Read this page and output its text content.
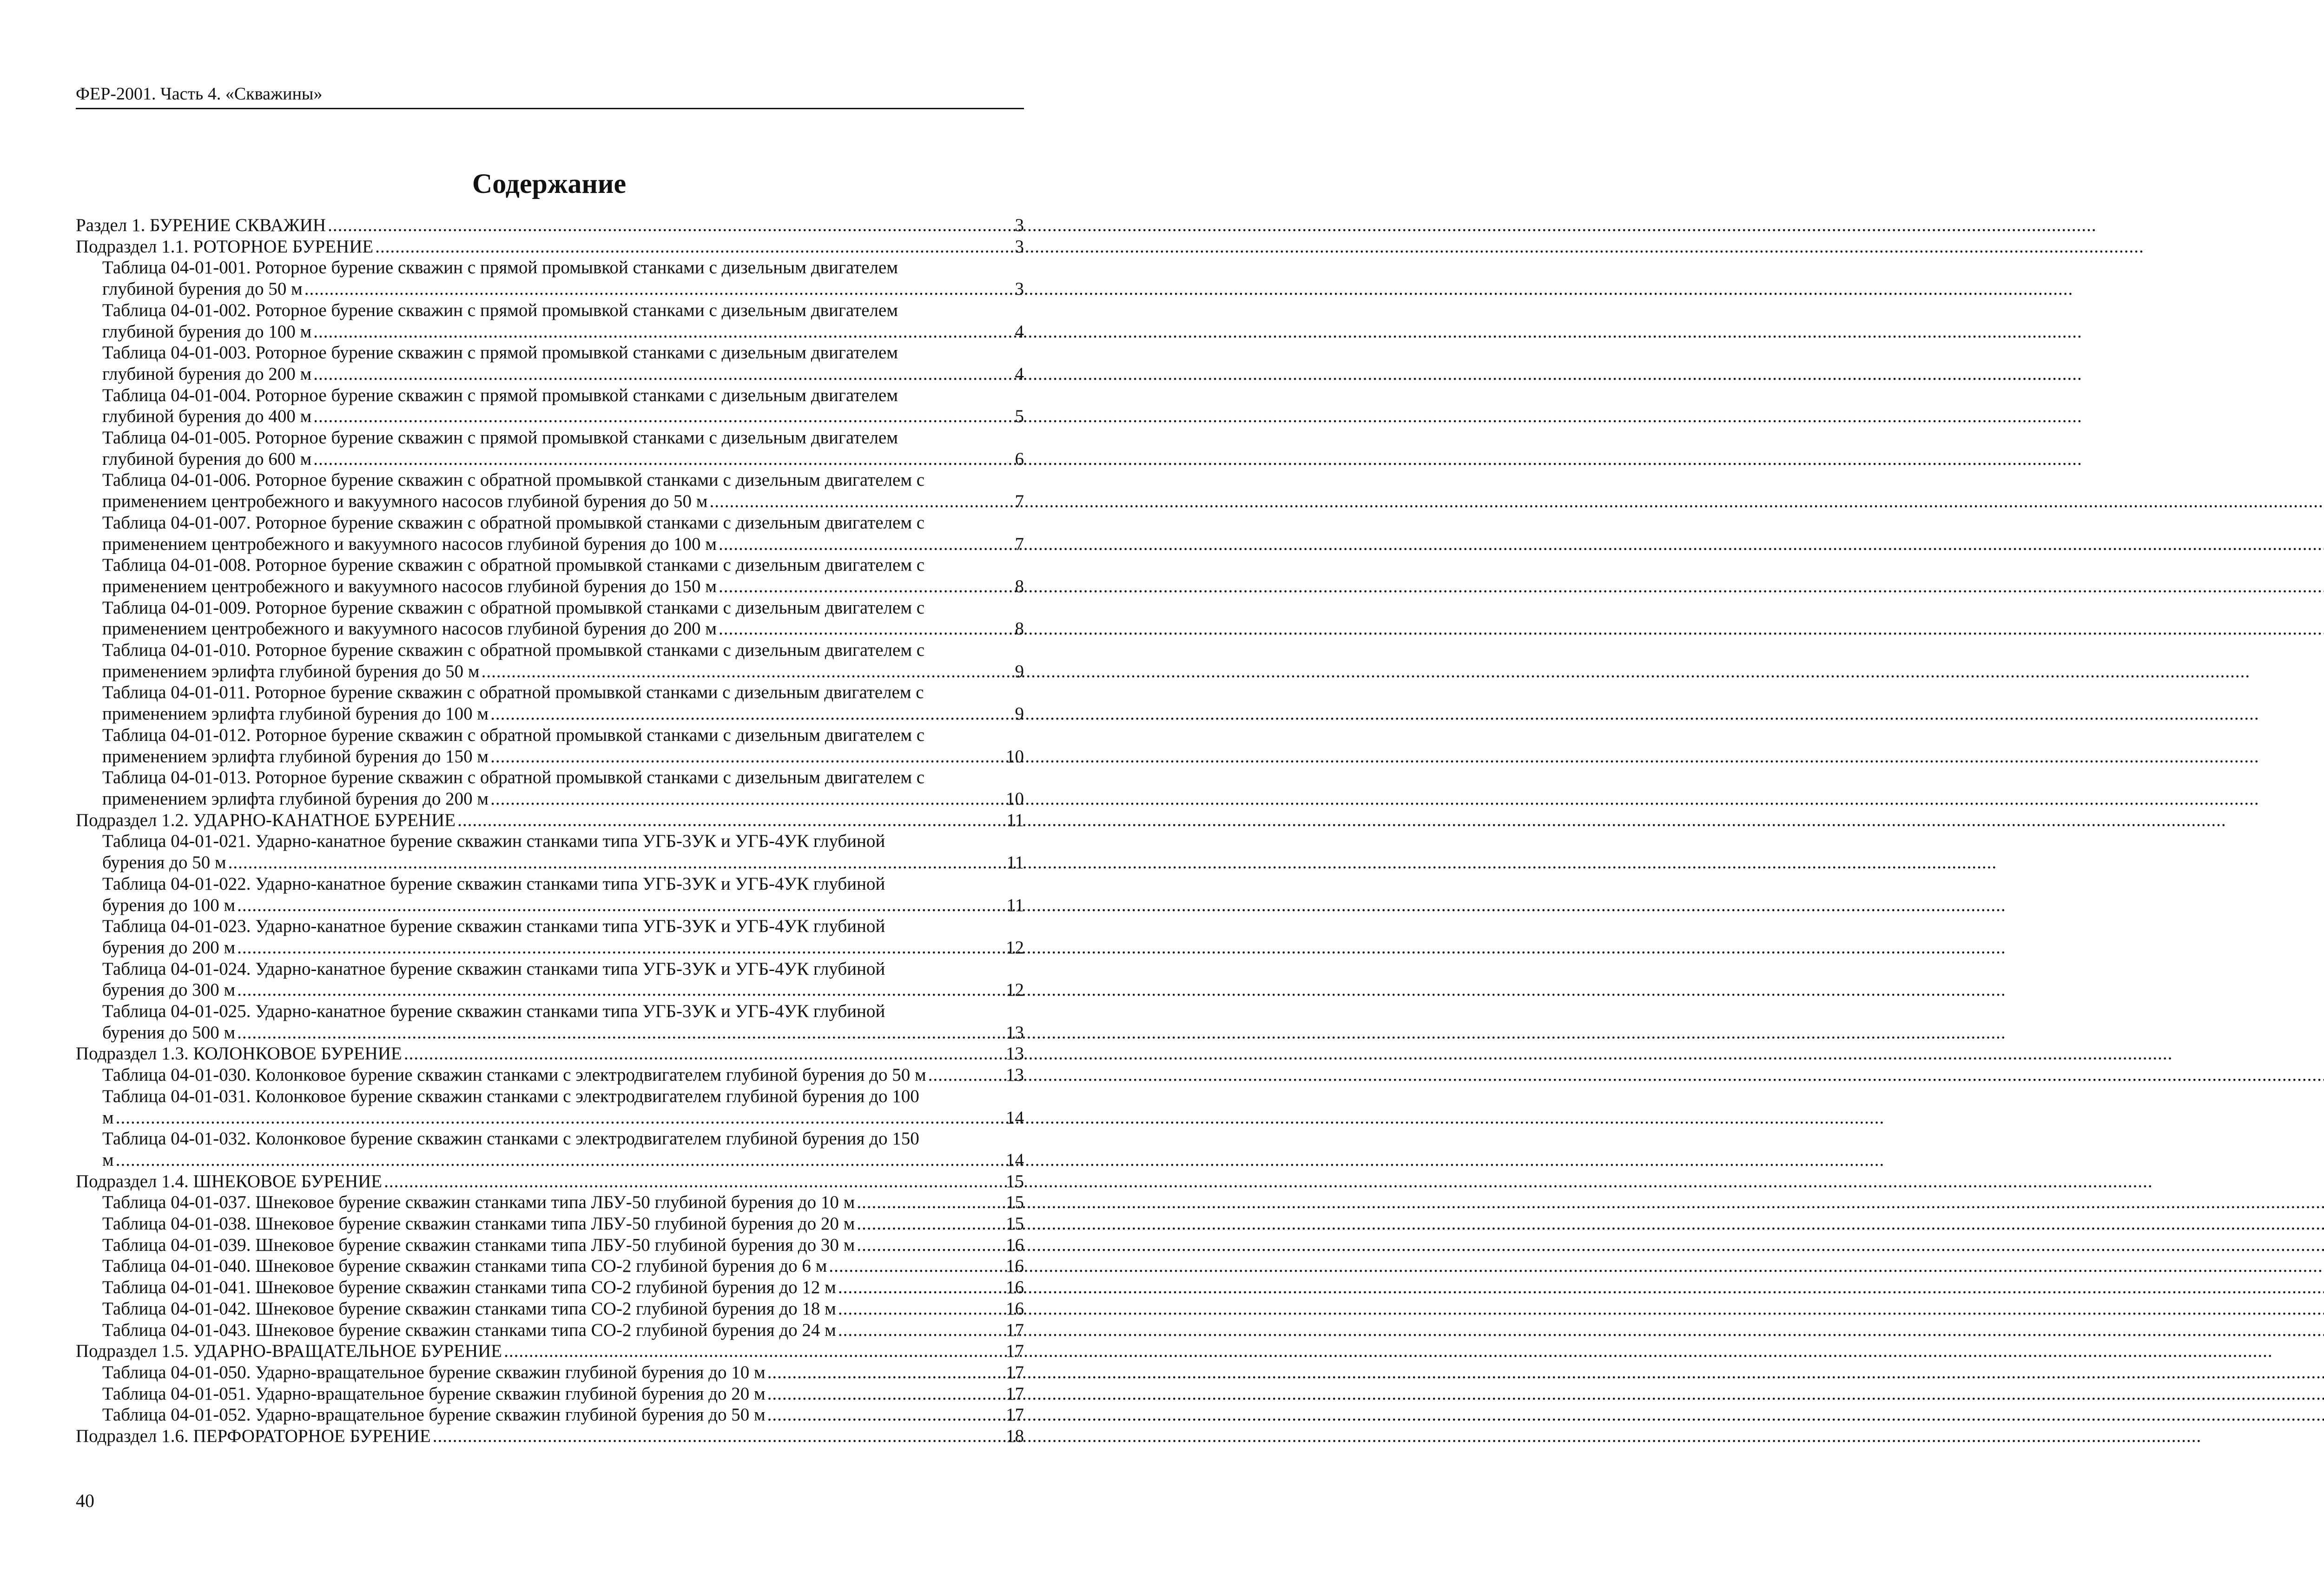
ФЕР-2001. Часть 4. «Скважины»
Содержание
Раздел 1. БУРЕНИЕ СКВАЖИН .....	3
Подраздел 1.1. РОТОРНОЕ БУРЕНИЕ .....	3
Таблица 04-01-001. Роторное бурение скважин с прямой промывкой станками с дизельным двигателем
глубиной бурения до 50 м .....	3
Таблица 04-01-002. Роторное бурение скважин с прямой промывкой станками с дизельным двигателем
глубиной бурения до 100 м .....	4
Таблица 04-01-003. Роторное бурение скважин с прямой промывкой станками с дизельным двигателем
глубиной бурения до 200 м .....	4
Таблица 04-01-004. Роторное бурение скважин с прямой промывкой станками с дизельным двигателем
глубиной бурения до 400 м .....	5
Таблица 04-01-005. Роторное бурение скважин с прямой промывкой станками с дизельным двигателем
глубиной бурения до 600 м .....	6
Таблица 04-01-006. Роторное бурение скважин с обратной промывкой станками с дизельным двигателем с
применением центробежного и вакуумного насосов глубиной бурения до 50 м .....	7
Таблица 04-01-007. Роторное бурение скважин с обратной промывкой станками с дизельным двигателем с
применением центробежного и вакуумного насосов глубиной бурения до 100 м .....	7
Таблица 04-01-008. Роторное бурение скважин с обратной промывкой станками с дизельным двигателем с
применением центробежного и вакуумного насосов глубиной бурения до 150 м .....	8
Таблица 04-01-009. Роторное бурение скважин с обратной промывкой станками с дизельным двигателем с
применением центробежного и вакуумного насосов глубиной бурения до 200 м .....	8
Таблица 04-01-010. Роторное бурение скважин с обратной промывкой станками с дизельным двигателем с
применением эрлифта глубиной бурения до 50 м .....	9
Таблица 04-01-011. Роторное бурение скважин с обратной промывкой станками с дизельным двигателем с
применением эрлифта глубиной бурения до 100 м .....	9
Таблица 04-01-012. Роторное бурение скважин с обратной промывкой станками с дизельным двигателем с
применением эрлифта глубиной бурения до 150 м .....	10
Таблица 04-01-013. Роторное бурение скважин с обратной промывкой станками с дизельным двигателем с
применением эрлифта глубиной бурения до 200 м .....	10
Подраздел 1.2. УДАРНО-КАНАТНОЕ БУРЕНИЕ .....	11
Таблица 04-01-021. Ударно-канатное бурение скважин станками типа УГБ-3УК и УГБ-4УК глубиной
бурения до 50 м .....	11
Таблица 04-01-022. Ударно-канатное бурение скважин станками типа УГБ-3УК и УГБ-4УК глубиной
бурения до 100 м .....	11
Таблица 04-01-023. Ударно-канатное бурение скважин станками типа УГБ-3УК и УГБ-4УК глубиной
бурения до 200 м .....	12
Таблица 04-01-024. Ударно-канатное бурение скважин станками типа УГБ-3УК и УГБ-4УК глубиной
бурения до 300 м .....	12
Таблица 04-01-025. Ударно-канатное бурение скважин станками типа УГБ-3УК и УГБ-4УК глубиной
бурения до 500 м .....	13
Подраздел 1.3. КОЛОНКОВОЕ БУРЕНИЕ .....	13
Таблица 04-01-030. Колонковое бурение скважин станками с электродвигателем глубиной бурения до 50 м .....	13
Таблица 04-01-031. Колонковое бурение скважин станками с электродвигателем глубиной бурения до 100
м .....	14
Таблица 04-01-032. Колонковое бурение скважин станками с электродвигателем глубиной бурения до 150
м .....	14
Подраздел 1.4. ШНЕКОВОЕ БУРЕНИЕ .....	15
Таблица 04-01-037. Шнековое бурение скважин станками типа ЛБУ-50 глубиной бурения до 10 м .....	15
Таблица 04-01-038. Шнековое бурение скважин станками типа ЛБУ-50 глубиной бурения до 20 м .....	15
Таблица 04-01-039. Шнековое бурение скважин станками типа ЛБУ-50 глубиной бурения до 30 м .....	16
Таблица 04-01-040. Шнековое бурение скважин станками типа СО-2 глубиной бурения до 6 м .....	16
Таблица 04-01-041. Шнековое бурение скважин станками типа СО-2 глубиной бурения до 12 м .....	16
Таблица 04-01-042. Шнековое бурение скважин станками типа СО-2 глубиной бурения до 18 м .....	16
Таблица 04-01-043. Шнековое бурение скважин станками типа СО-2 глубиной бурения до 24 м .....	17
Подраздел 1.5. УДАРНО-ВРАЩАТЕЛЬНОЕ БУРЕНИЕ .....	17
Таблица 04-01-050. Ударно-вращательное бурение скважин глубиной бурения до 10 м .....	17
Таблица 04-01-051. Ударно-вращательное бурение скважин глубиной бурения до 20 м .....	17
Таблица 04-01-052. Ударно-вращательное бурение скважин глубиной бурения до 50 м .....	17
Подраздел 1.6. ПЕРФОРАТОРНОЕ БУРЕНИЕ .....	18
40
